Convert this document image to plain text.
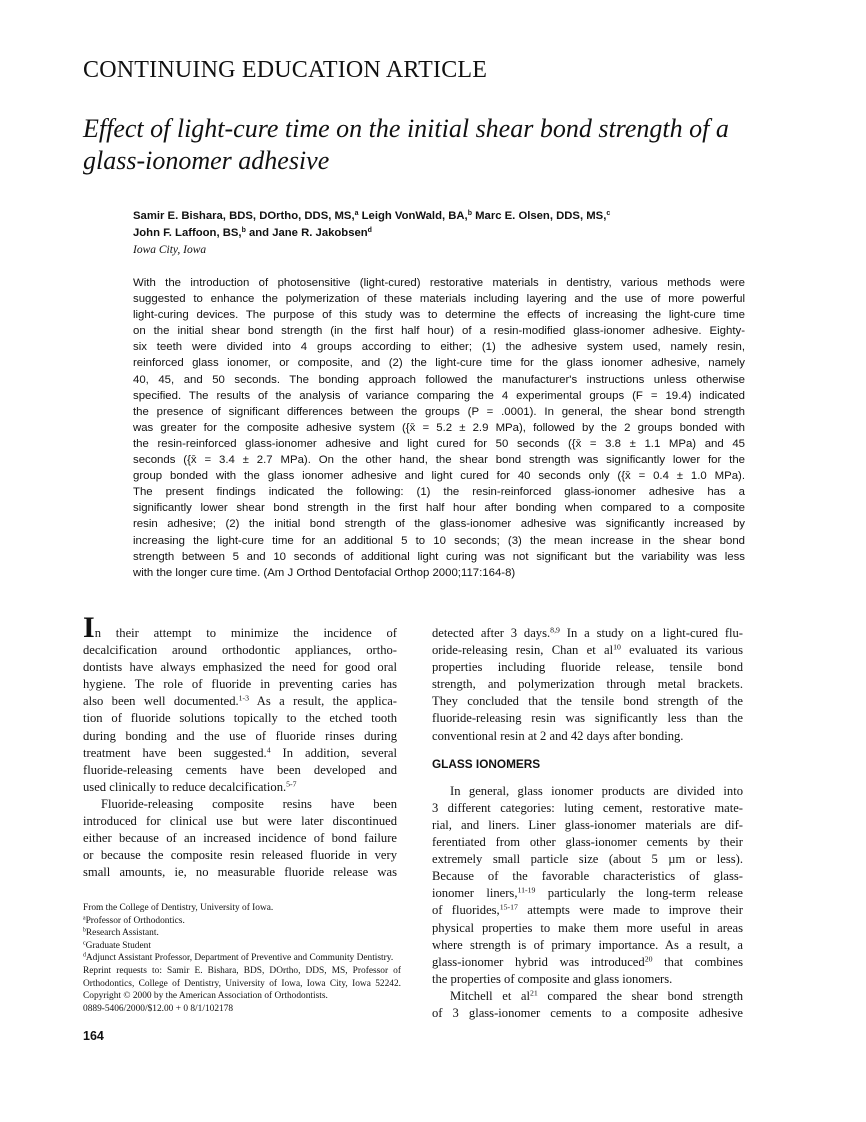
CONTINUING EDUCATION ARTICLE
Effect of light-cure time on the initial shear bond strength of a
glass-ionomer adhesive
Samir E. Bishara, BDS, DOrtho, DDS, MS,$^a$ Leigh VonWald, BA,$^b$ Marc E. Olsen, DDS, MS,$^c$
John F. Laffoon, BS,$^b$ and Jane R. Jakobsen$^d$
Iowa City, Iowa
With the introduction of photosensitive (light-cured) restorative materials in dentistry, various methods were
suggested to enhance the polymerization of these materials including layering and the use of more powerful
light-curing devices. The purpose of this study was to determine the effects of increasing the light-cure time
on the initial shear bond strength (in the first half hour) of a resin-modified glass-ionomer adhesive. Eighty-
six teeth were divided into 4 groups according to either; (1) the adhesive system used, namely resin,
reinforced glass ionomer, or composite, and (2) the light-cure time for the glass ionomer adhesive, namely
40, 45, and 50 seconds. The bonding approach followed the manufacturer's instructions unless otherwise
specified. The results of the analysis of variance comparing the 4 experimental groups (F = 19.4) indicated
the presence of significant differences between the groups (P = .0001). In general, the shear bond strength
was greater for the composite adhesive system ({x̄ = 5.2 ± 2.9 MPa), followed by the 2 groups bonded with
the resin-reinforced glass-ionomer adhesive and light cured for 50 seconds ({x̄ = 3.8 ± 1.1 MPa) and 45
seconds ({x̄ = 3.4 ± 2.7 MPa). On the other hand, the shear bond strength was significantly lower for the
group bonded with the glass ionomer adhesive and light cured for 40 seconds only ({x̄ = 0.4 ± 1.0 MPa).
The present findings indicated the following: (1) the resin-reinforced glass-ionomer adhesive has a
significantly lower shear bond strength in the first half hour after bonding when compared to a composite
resin adhesive; (2) the initial bond strength of the glass-ionomer adhesive was significantly increased by
increasing the light-cure time for an additional 5 to 10 seconds; (3) the mean increase in the shear bond
strength between 5 and 10 seconds of additional light curing was not significant but the variability was less
with the longer cure time. (Am J Orthod Dentofacial Orthop 2000;117:164-8)
In their attempt to minimize the incidence of
decalcification around orthodontic appliances, ortho-
dontists have always emphasized the need for good oral
hygiene. The role of fluoride in preventing caries has
also been well documented.$^{1-3}$ As a result, the applica-
tion of fluoride solutions topically to the etched tooth
during bonding and the use of fluoride rinses during
treatment have been suggested.$^4$ In addition, several
fluoride-releasing cements have been developed and
used clinically to reduce decalcification.$^{5-7}$
Fluoride-releasing composite resins have been
introduced for clinical use but were later discontinued
either because of an increased incidence of bond failure
or because the composite resin released fluoride in very
small amounts, ie, no measurable fluoride release was
detected after 3 days.$^{8,9}$ In a study on a light-cured flu-
oride-releasing resin, Chan et $al^{10}$ evaluated its various
properties including fluoride release, tensile bond
strength, and polymerization through metal brackets.
They concluded that the tensile bond strength of the
fluoride-releasing resin was significantly less than the
conventional resin at 2 and 42 days after bonding.
GLASS IONOMERS
In general, glass ionomer products are divided into
3 different categories: luting cement, restorative mate-
rial, and liners. Liner glass-ionomer materials are dif-
ferentiated from other glass-ionomer cements by their
extremely small particle size (about 5 µm or less).
Because of the favorable characteristics of glass-
ionomer liners,$^{11-19}$ particularly the long-term release
of fluorides,$^{15-17}$ attempts were made to improve their
physical properties to make them more useful in areas
where strength is of primary importance. As a result, a
glass-ionomer hybrid was introduced$^{20}$ that combines
the properties of composite and glass ionomers.
Mitchell et $al^{21}$ compared the shear bond strength
of 3 glass-ionomer cements to a composite adhesive
From the College of Dentistry, University of Iowa.
$^a$Professor of Orthodontics.
$^b$Research Assistant.
$^c$Graduate Student
$^d$Adjunct Assistant Professor, Department of Preventive and Community Dentistry.
Reprint requests to: Samir E. Bishara, BDS, DOrtho, DDS, MS, Professor of
Orthodontics, College of Dentistry, University of Iowa, Iowa City, Iowa 52242.
Copyright © 2000 by the American Association of Orthodontists.
0889-5406/2000/$12.00 + 0 8/1/102178
164
